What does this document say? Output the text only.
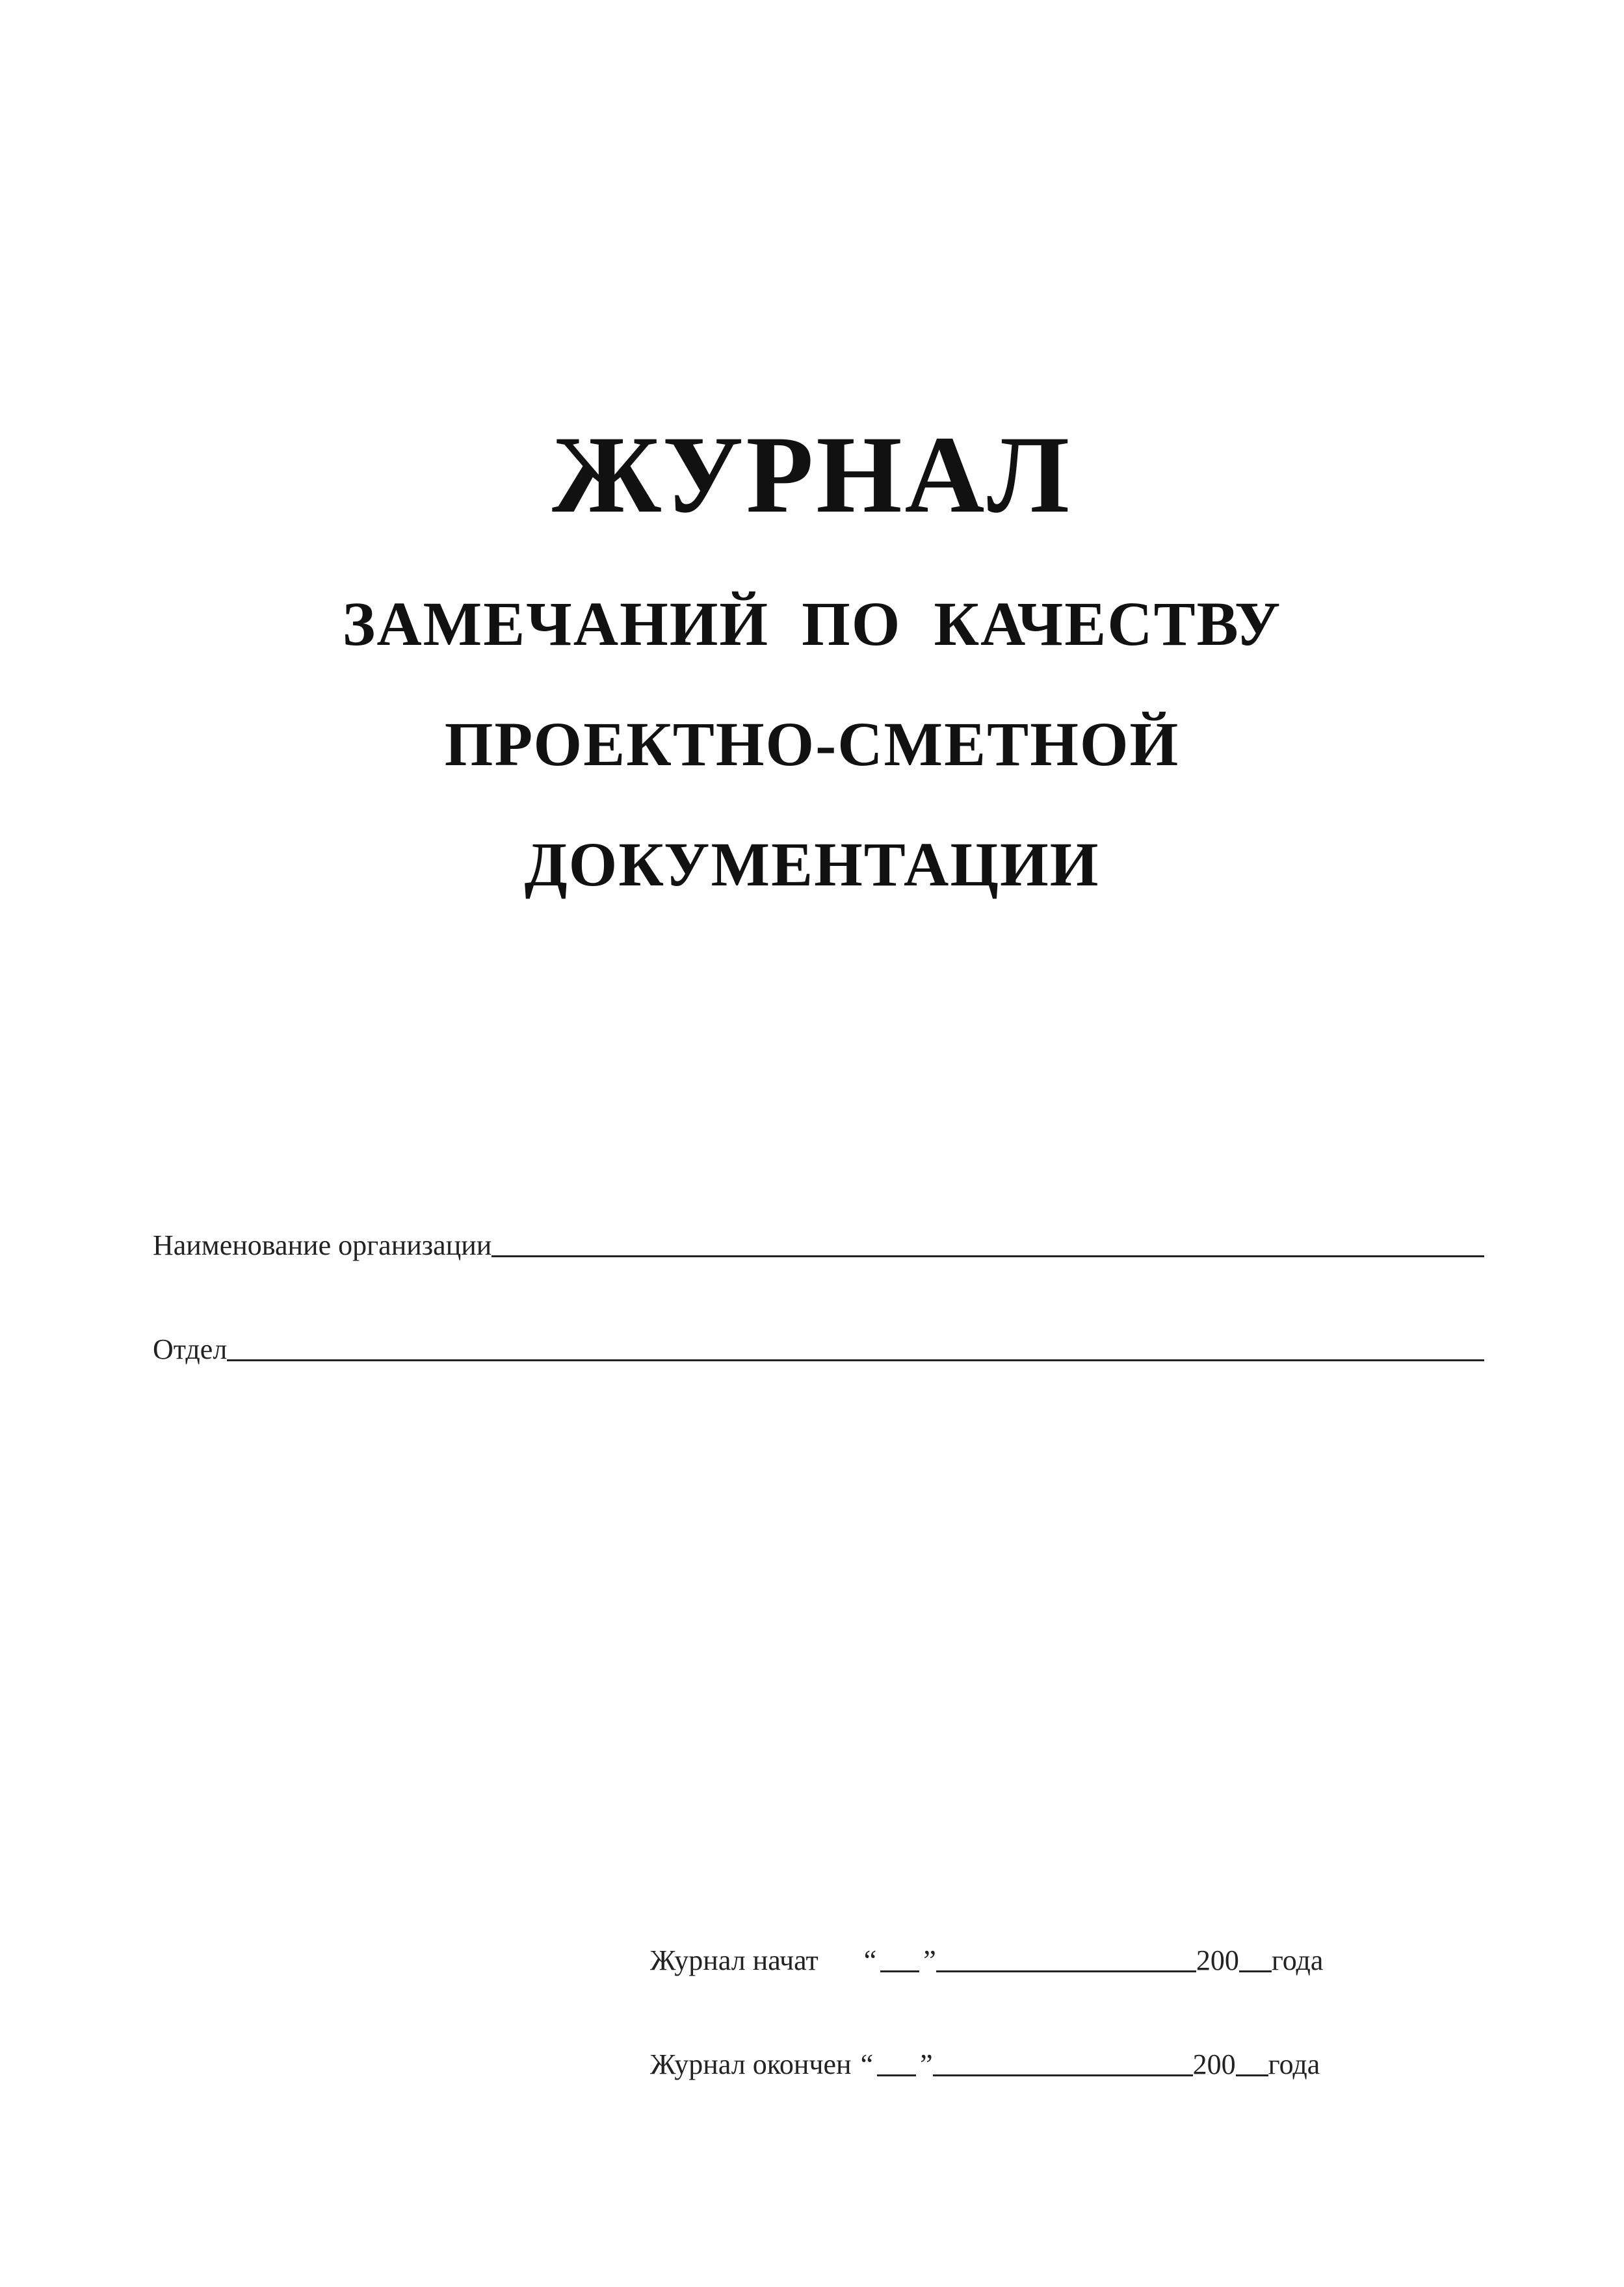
ЖУРНАЛ
ЗАМЕЧАНИЙ ПО КАЧЕСТВУ
ПРОЕКТНО-СМЕТНОЙ
ДОКУМЕНТАЦИИ
Наименование организации
Отдел
Журнал начат “ ”	200 года
Журнал окончен “ ”	200 года
